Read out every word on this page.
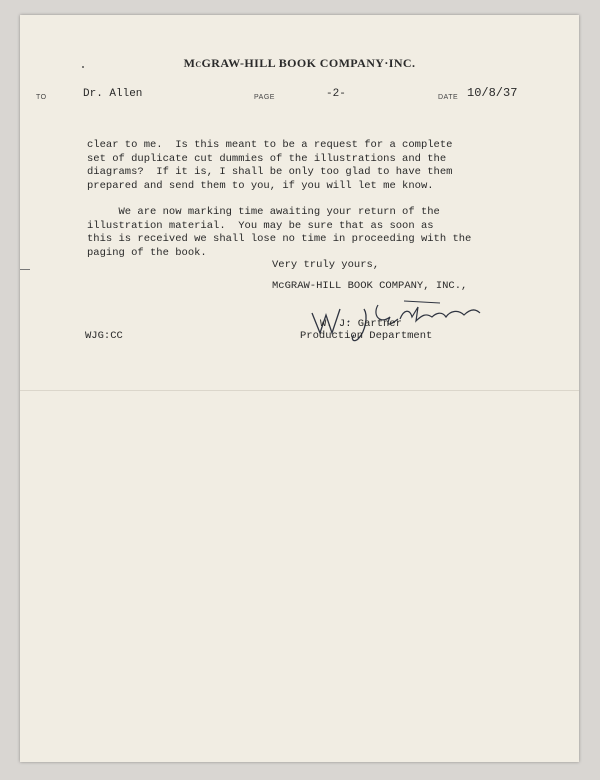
McGRAW-HILL BOOK COMPANY·INC.
TO	Dr. Allen	PAGE	-2-	DATE 10/8/37

clear to me.  Is this meant to be a request for a complete
set of duplicate cut dummies of the illustrations and the
diagrams?  If it is, I shall be only too glad to have them
prepared and send them to you, if you will let me know.

We are now marking time awaiting your return of the
illustration material.  You may be sure that as soon as
this is received we shall lose no time in proceeding with the
paging of the book.

Very truly yours,
McGRAW-HILL BOOK COMPANY, INC.,
W. J. Gartner
Production Department
WJG:CC
